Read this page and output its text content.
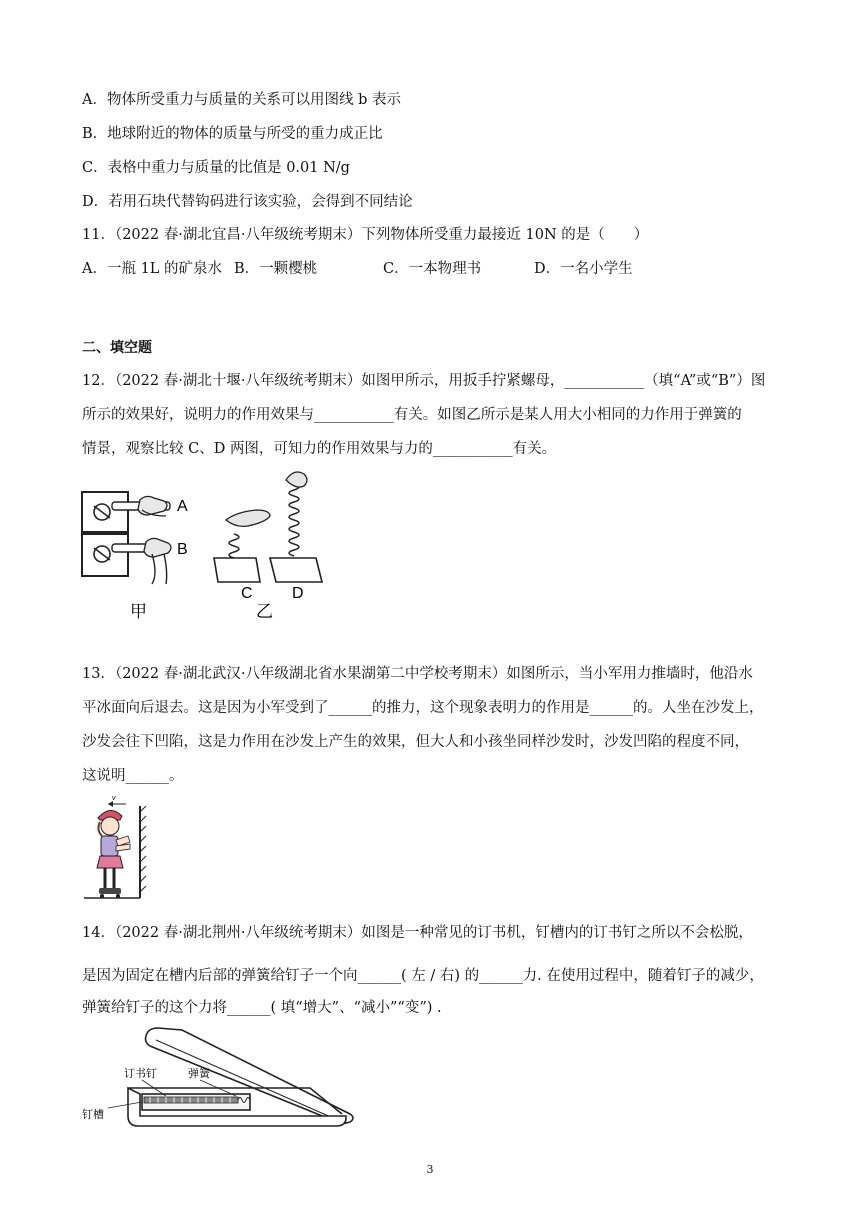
A．物体所受重力与质量的关系可以用图线 b 表示
B．地球附近的物体的质量与所受的重力成正比
C．表格中重力与质量的比值是 0.01 N/g
D．若用石块代替钩码进行该实验，会得到不同结论
11．（2022 春·湖北宜昌·八年级统考期末）下列物体所受重力最接近 10N 的是（　　）
A．一瓶 1L 的矿泉水 B．一颗樱桃	C．一本物理书	D．一名小学生
二、填空题
12．（2022 春·湖北十堰·八年级统考期末）如图甲所示，用扳手拧紧螺母，___________（填“A”或“B”）图
所示的效果好，说明力的作用效果与___________有关。如图乙所示是某人用大小相同的力作用于弹簧的
情景，观察比较 C、D 两图，可知力的作用效果与力的___________有关。
A
B
甲
C D
乙
13．（2022 春·湖北武汉·八年级湖北省水果湖第二中学校考期末）如图所示，当小军用力推墙时，他沿水
平冰面向后退去。这是因为小军受到了______的推力，这个现象表明力的作用是______的。人坐在沙发上，
沙发会往下凹陷，这是力作用在沙发上产生的效果，但大人和小孩坐同样沙发时，沙发凹陷的程度不同，
这说明______。
v
14．（2022 春·湖北荆州·八年级统考期末）如图是一种常见的订书机，钉槽内的订书钉之所以不会松脱，
是因为固定在槽内后部的弹簧给钉子一个向______( 左 / 右) 的______力. 在使用过程中，随着钉子的减少，
弹簧给钉子的这个力将______( 填“增大”、“减小”“变”) .
订书钉	弹簧
钉槽
3
